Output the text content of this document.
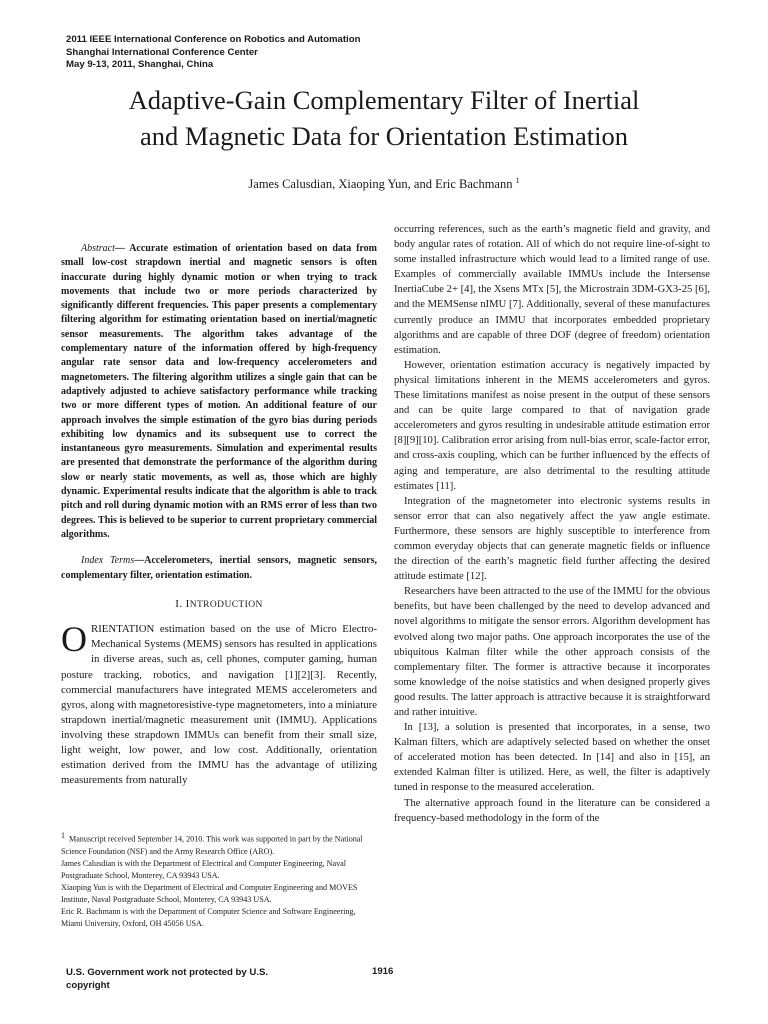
2011 IEEE International Conference on Robotics and Automation
Shanghai International Conference Center
May 9-13, 2011, Shanghai, China
Adaptive-Gain Complementary Filter of Inertial
and Magnetic Data for Orientation Estimation
James Calusdian, Xiaoping Yun, and Eric Bachmann $^1$

Abstract— Accurate estimation of orientation based on data from small low-cost strapdown inertial and magnetic sensors is often inaccurate during highly dynamic motion or when trying to track movements that include two or more periods characterized by significantly different frequencies. This paper presents a complementary filtering algorithm for estimating orientation based on inertial/magnetic sensor measurements. The algorithm takes advantage of the complementary nature of the information offered by high-frequency angular rate sensor data and low-frequency accelerometers and magnetometers. The filtering algorithm utilizes a single gain that can be adaptively adjusted to achieve satisfactory performance while tracking two or more different types of motion. An additional feature of our approach involves the simple estimation of the gyro bias during periods exhibiting low dynamics and its subsequent use to correct the instantaneous gyro measurements. Simulation and experimental results are presented that demonstrate the performance of the algorithm during slow or nearly static movements, as well as, those which are highly dynamic. Experimental results indicate that the algorithm is able to track pitch and roll during dynamic motion with an RMS error of less than two degrees. This is believed to be superior to current proprietary commercial algorithms.

Index Terms—Accelerometers, inertial sensors, magnetic sensors, complementary filter, orientation estimation.

I. INTRODUCTION

ORIENTATION estimation based on the use of Micro Electro-Mechanical Systems (MEMS) sensors has resulted in applications in diverse areas, such as, cell phones, computer gaming, human posture tracking, robotics, and navigation [1][2][3]. Recently, commercial manufacturers have integrated MEMS accelerometers and gyros, along with magnetoresistive-type magnetometers, into a miniature strapdown inertial/magnetic measurement unit (IMMU). Applications involving these strapdown IMMUs can benefit from their small size, light weight, low power, and low cost. Additionally, orientation estimation derived from the IMMU has the advantage of utilizing measurements from naturally

1 Manuscript received September 14, 2010. This work was supported in part by the National Science Foundation (NSF) and the Army Research Office (ARO).

James Calusdian is with the Department of Electrical and Computer Engineering, Naval Postgraduate School, Monterey, CA 93943 USA.

Xiaoping Yun is with the Department of Electrical and Computer Engineering and MOVES Institute, Naval Postgraduate School, Monterey, CA 93943 USA.

Eric R. Bachmann is with the Department of Computer Science and Software Engineering, Miami University, Oxford, OH 45056 USA.

occurring references, such as the earth’s magnetic field and gravity, and body angular rates of rotation. All of which do not require line-of-sight to some installed infrastructure which would lead to a limited range of use. Examples of commercially available IMMUs include the Intersense InertiaCube 2+ [4], the Xsens MTx [5], the Microstrain 3DM-GX3-25 [6], and the MEMSense nIMU [7]. Additionally, several of these manufactures currently produce an IMMU that incorporates embedded proprietary algorithms and are capable of three DOF (degree of freedom) orientation estimation.

However, orientation estimation accuracy is negatively impacted by physical limitations inherent in the MEMS accelerometers and gyros. These limitations manifest as noise present in the output of these sensors and can be quite large compared to that of navigation grade accelerometers and gyros resulting in undesirable attitude estimation error [8][9][10]. Calibration error arising from null-bias error, scale-factor error, and cross-axis coupling, which can be further influenced by the effects of aging and temperature, are also detrimental to the resulting attitude estimates [11].

Integration of the magnetometer into electronic systems results in sensor error that can also negatively affect the yaw angle estimate. Furthermore, these sensors are highly susceptible to interference from common everyday objects that can generate magnetic fields or influence the direction of the earth’s magnetic field further affecting the desired attitude estimate [12].

Researchers have been attracted to the use of the IMMU for the obvious benefits, but have been challenged by the need to develop advanced and novel algorithms to mitigate the sensor errors. Algorithm development has evolved along two major paths. One approach incorporates the use of the ubiquitous Kalman filter while the other approach consists of the complementary filter. The former is attractive because it incorporates some knowledge of the noise statistics and when designed properly gives good results. The latter approach is attractive because it is straightforward and rather intuitive.

In [13], a solution is presented that incorporates, in a sense, two Kalman filters, which are adaptively selected based on whether the onset of accelerated motion has been detected. In [14] and also in [15], an extended Kalman filter is utilized. Here, as well, the filter is adaptively tuned in response to the measured acceleration.

The alternative approach found in the literature can be considered a frequency-based methodology in the form of the

U.S. Government work not protected by U.S.
copyright
1916
